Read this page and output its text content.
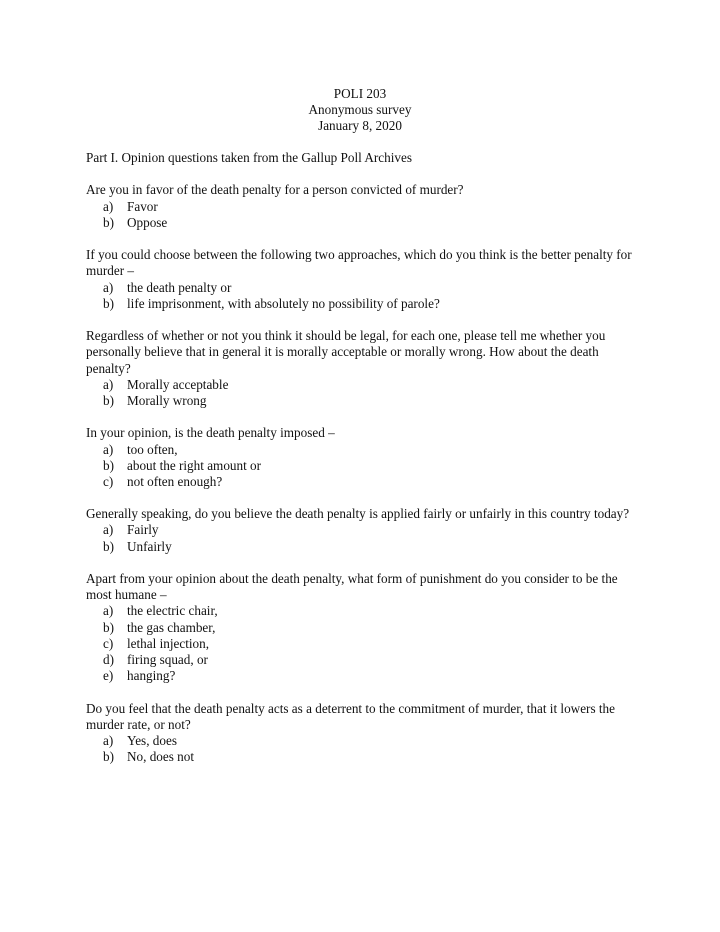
POLI 203
Anonymous survey
January 8, 2020

Part I. Opinion questions taken from the Gallup Poll Archives

Are you in favor of the death penalty for a person convicted of murder?

a)	Favor
b) Oppose

If you could choose between the following two approaches, which do you think is the better penalty for murder –

a)	the death penalty or
b) life imprisonment, with absolutely no possibility of parole?

Regardless of whether or not you think it should be legal, for each one, please tell me whether you personally believe that in general it is morally acceptable or morally wrong. How about the death penalty?

a)	Morally acceptable
b) Morally wrong

In your opinion, is the death penalty imposed –

a)	too often,
b) about the right amount or
c)	not often enough?

Generally speaking, do you believe the death penalty is applied fairly or unfairly in this country today?

a)	Fairly
b) Unfairly

Apart from your opinion about the death penalty, what form of punishment do you consider to be the most humane –

a)	the electric chair,
b) the gas chamber,
c)	lethal injection,
d) firing squad, or
e)	hanging?

Do you feel that the death penalty acts as a deterrent to the commitment of murder, that it lowers the murder rate, or not?

a)	Yes, does
b) No, does not
